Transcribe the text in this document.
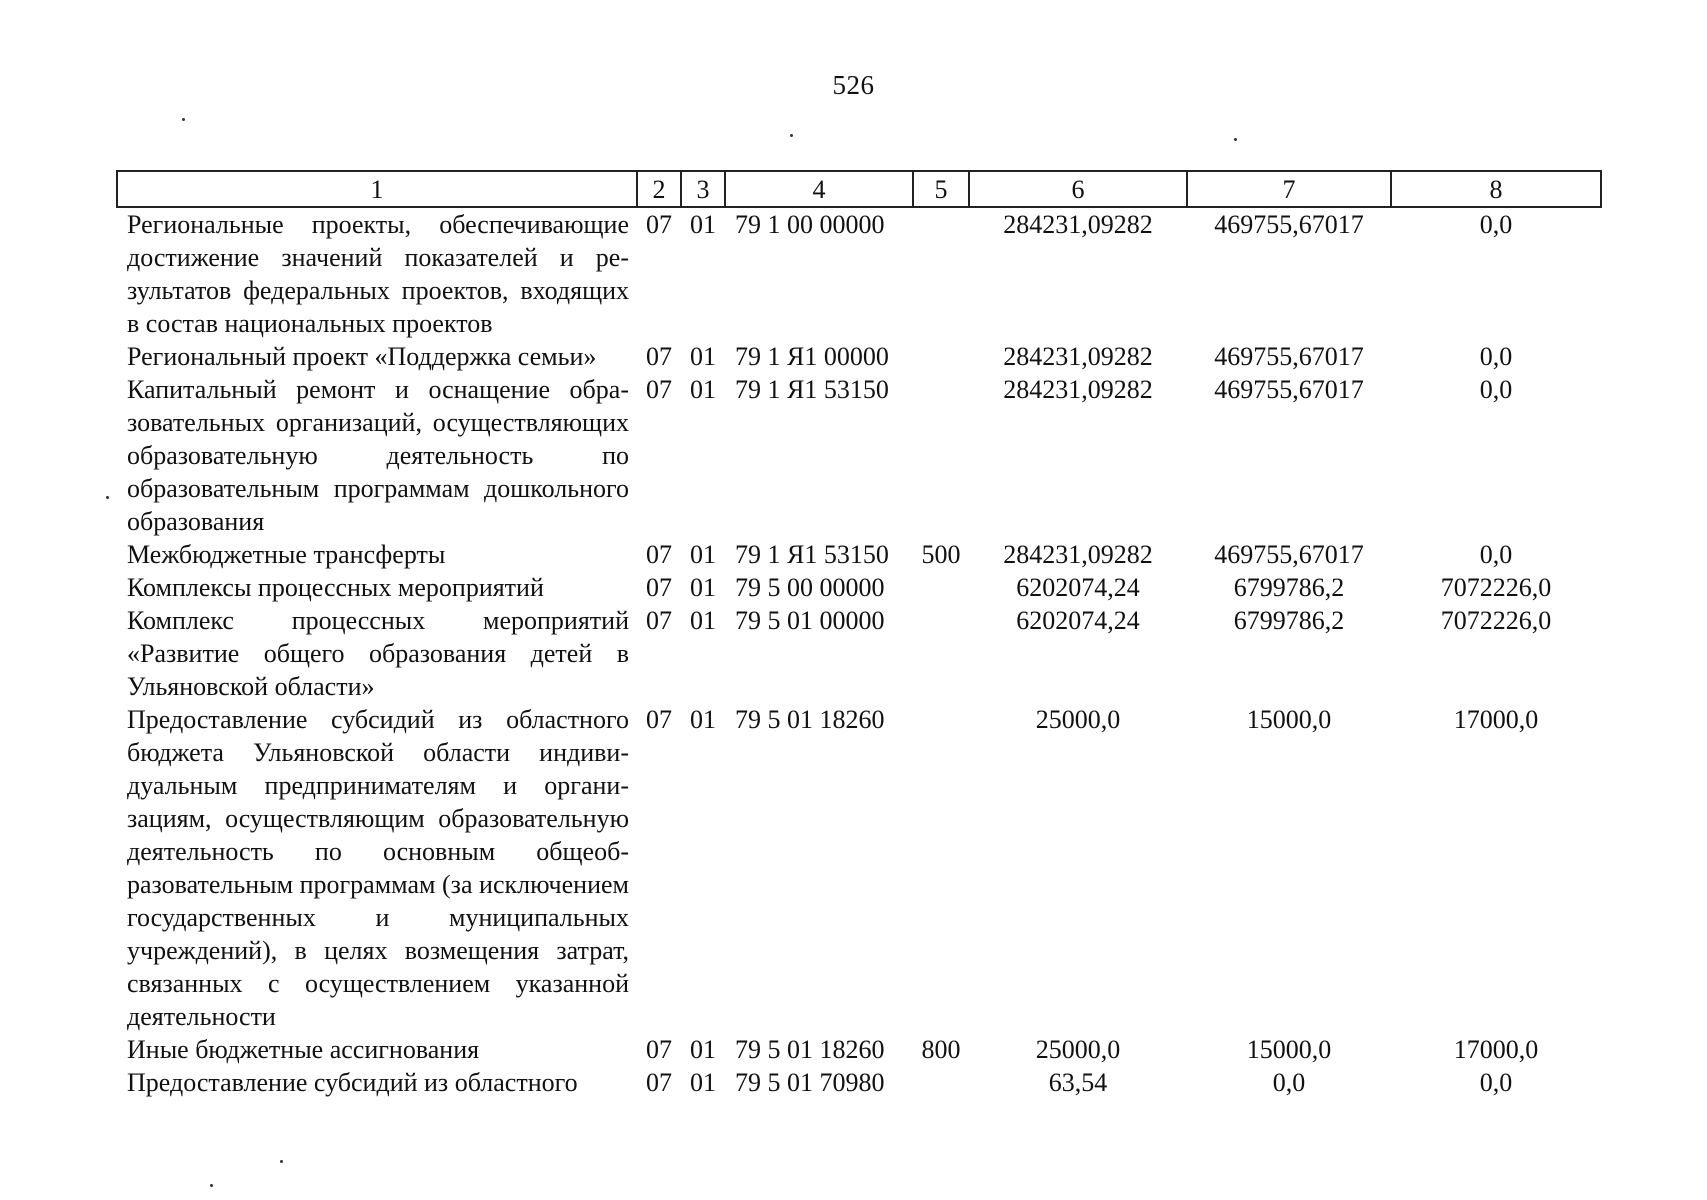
526
1	2	3	4	5	6	7	8
Региональные проекты, обеспечивающие достижение значений показателей и результатов федеральных проектов, входящих в состав национальных проектов	07	01	79 1 00 00000		284231,09282	469755,67017	0,0
Региональный проект «Поддержка семьи»	07	01	79 1 Я1 00000		284231,09282	469755,67017	0,0
Капитальный ремонт и оснащение образовательных организаций, осуществляющих образовательную деятельность по образовательным программам дошкольного образования	07	01	79 1 Я1 53150		284231,09282	469755,67017	0,0
Межбюджетные трансферты	07	01	79 1 Я1 53150	500	284231,09282	469755,67017	0,0
Комплексы процессных мероприятий	07	01	79 5 00 00000		6202074,24	6799786,2	7072226,0
Комплекс процессных мероприятий «Развитие общего образования детей в Ульяновской области»	07	01	79 5 01 00000		6202074,24	6799786,2	7072226,0
Предоставление субсидий из областного бюджета Ульяновской области индивидуальным предпринимателям и организациям, осуществляющим образовательную деятельность по основным общеобразовательным программам (за исключением государственных и муниципальных учреждений), в целях возмещения затрат, связанных с осуществлением указанной деятельности	07	01	79 5 01 18260		25000,0	15000,0	17000,0
Иные бюджетные ассигнования	07	01	79 5 01 18260	800	25000,0	15000,0	17000,0
Предоставление субсидий из областного	07	01	79 5 01 70980		63,54	0,0	0,0
